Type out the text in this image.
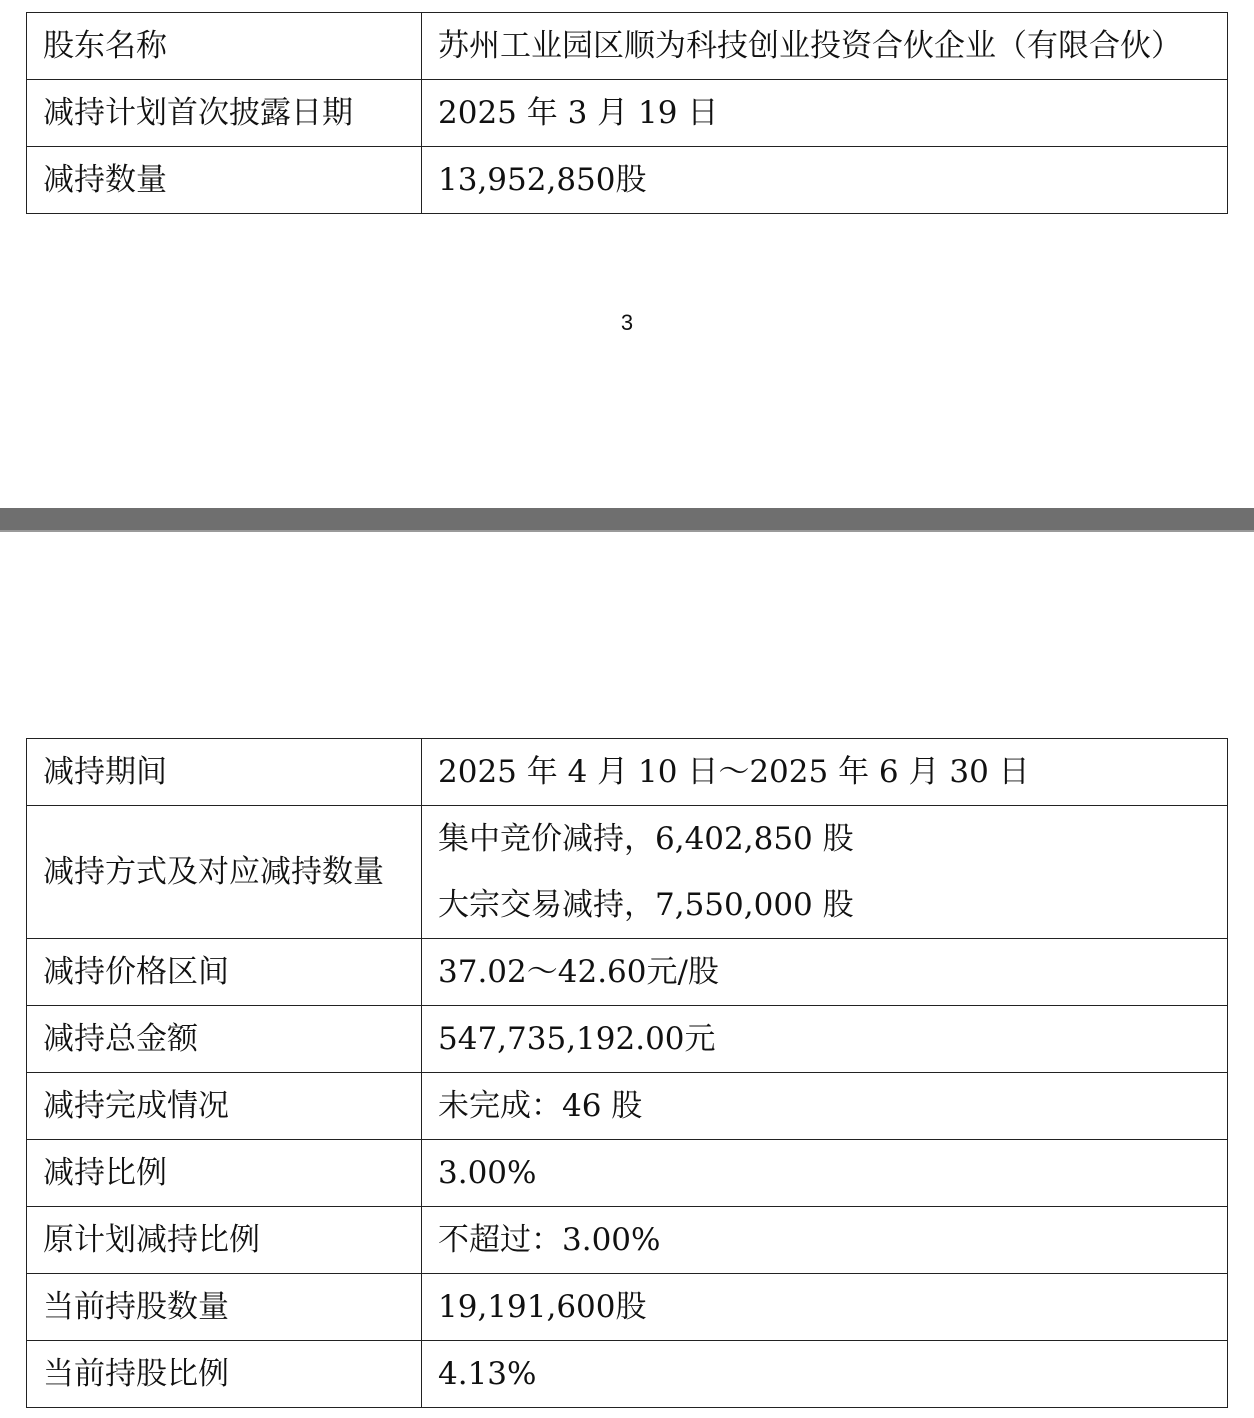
股东名称	苏州工业园区顺为科技创业投资合伙企业（有限合伙）
减持计划首次披露日期	2025 年 3 月 19 日
减持数量	13,952,850股
3
减持期间	2025 年 4 月 10 日～2025 年 6 月 30 日
减持方式及对应减持数量	集中竞价减持，6,402,850 股
大宗交易减持，7,550,000 股

减持价格区间	37.02～42.60元/股
减持总金额	547,735,192.00元
减持完成情况	未完成：46 股
减持比例	3.00%
原计划减持比例	不超过：3.00%
当前持股数量	19,191,600股
当前持股比例	4.13%
